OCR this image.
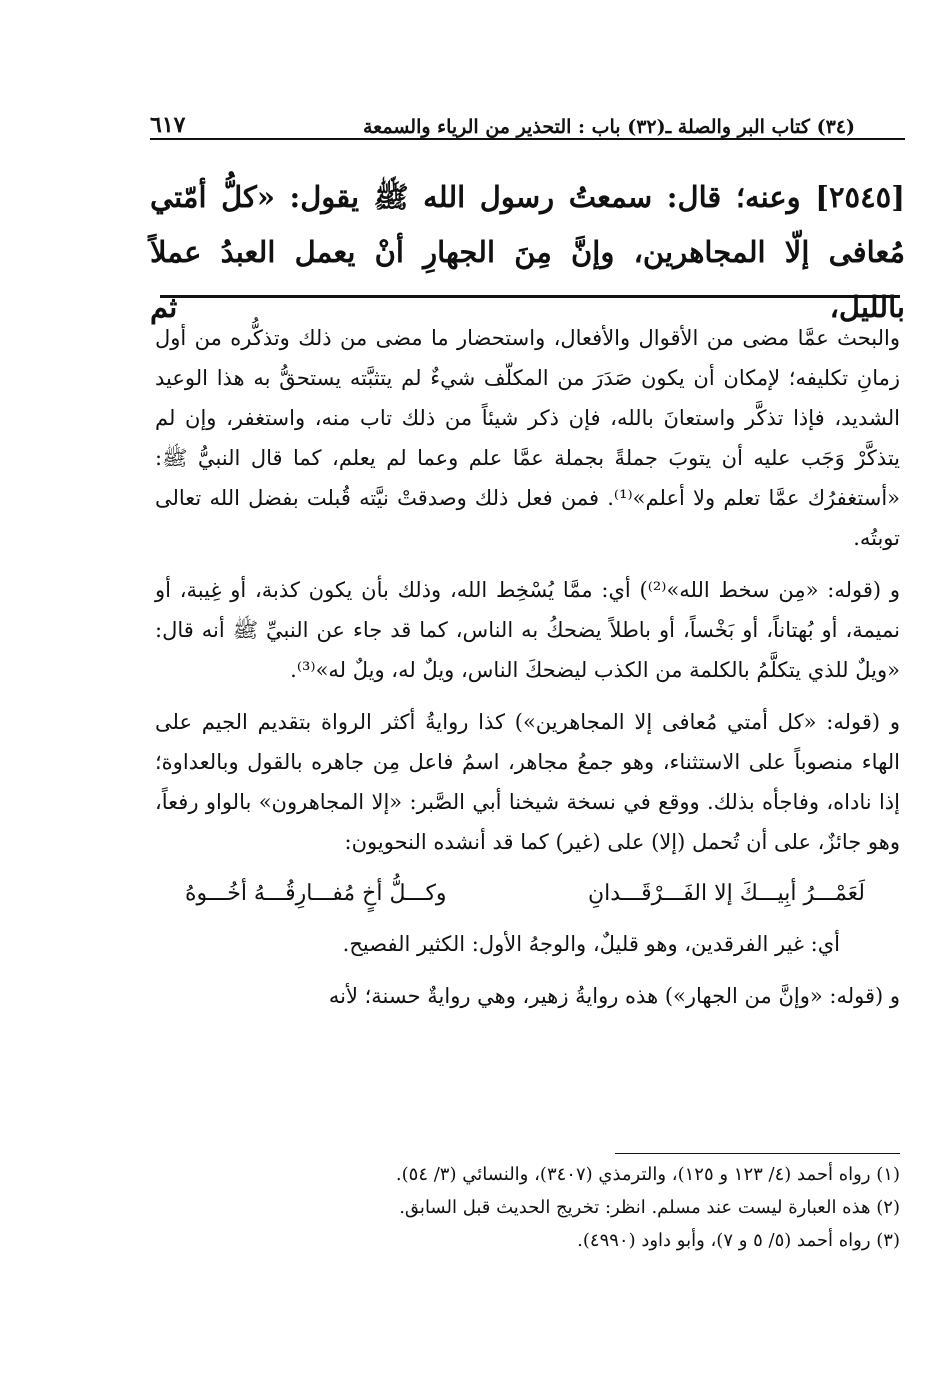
(٣٤) كتاب البر والصلة ـ(٣٢) باب : التحذير من الرياء والسمعة
٦١٧
[٢٥٤٥] وعنه؛ قال: سمعتُ رسول الله ﷺ يقول: «كلُّ أمّتي
مُعافى إلّا المجاهرين، وإنَّ مِنَ الجهارِ أنْ يعمل العبدُ عملاً بالليل، ثم

والبحث عمَّا مضى من الأقوال والأفعال، واستحضار ما مضى من ذلك وتذكُّره من أول زمانِ تكليفه؛ لإمكان أن يكون صَدَرَ من المكلّف شيءٌ لم يتثبَّته يستحقُّ به هذا الوعيد الشديد، فإذا تذكَّر واستعانَ بالله، فإن ذكر شيئاً من ذلك تاب منه، واستغفر، وإن لم يتذكَّرْ وَجَب عليه أن يتوبَ جملةً بجملة عمَّا علم وعما لم يعلم، كما قال النبيُّ ﷺ: «أستغفرُك عمَّا تعلم ولا أعلم»⁽¹⁾. فمن فعل ذلك وصدقتْ نيَّته قُبلت بفضل الله تعالى توبتُه.

و (قوله: «مِن سخط الله»⁽²⁾) أي: ممَّا يُسْخِط الله، وذلك بأن يكون كذبة، أو غِيبة، أو نميمة، أو بُهتاناً، أو بَخْساً، أو باطلاً يضحكُ به الناس، كما قد جاء عن النبيِّ ﷺ أنه قال: «ويلٌ للذي يتكلَّمُ بالكلمة من الكذب ليضحكَ الناس، ويلٌ له، ويلٌ له»⁽³⁾.

و (قوله: «كل أمتي مُعافى إلا المجاهرين») كذا روايةُ أكثر الرواة بتقديم الجيم على الهاء منصوباً على الاستثناء، وهو جمعُ مجاهر، اسمُ فاعل مِن جاهره بالقول وبالعداوة؛ إذا ناداه، وفاجأه بذلك. ووقع في نسخة شيخنا أبي الصَّبر: «إلا المجاهرون» بالواو رفعاً، وهو جائزٌ، على أن تُحمل (إلا) على (غير) كما قد أنشده النحويون:

وكـــلُّ أخٍ مُفـــارِقُـــهُ أخُـــوهُ	لَعَمْـــرُ أبِيـــكَ إلا الفَـــرْقَـــدانِ

أي: غير الفرقدين، وهو قليلٌ، والوجهُ الأول: الكثير الفصيح.

و (قوله: «وإنَّ من الجهار») هذه روايةُ زهير، وهي روايةٌ حسنة؛ لأنه

(١) رواه أحمد (٤/ ١٢٣ و ١٢٥)، والترمذي (٣٤٠٧)، والنسائي (٣/ ٥٤).
(٢) هذه العبارة ليست عند مسلم. انظر: تخريج الحديث قبل السابق.
(٣) رواه أحمد (٥/ ٥ و ٧)، وأبو داود (٤٩٩٠).
